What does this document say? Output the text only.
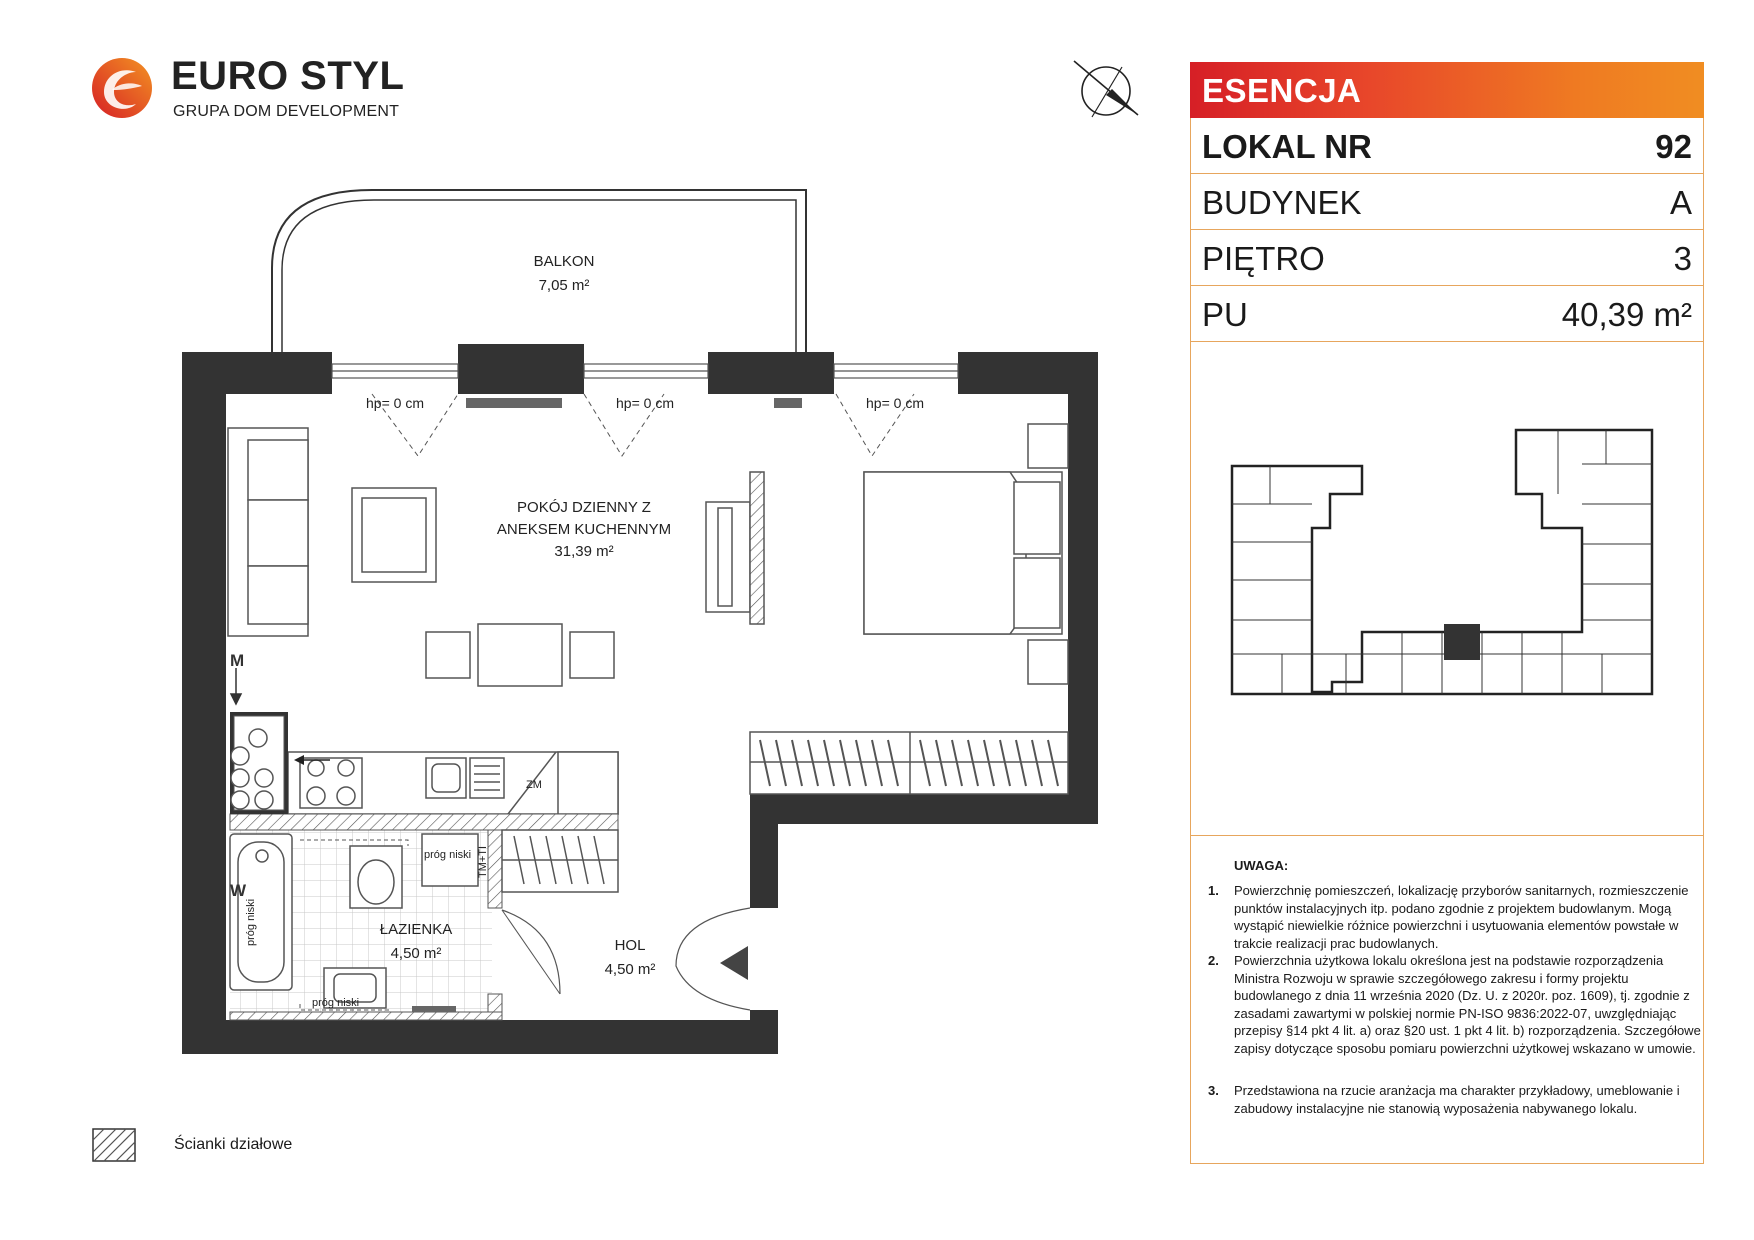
EURO STYL
GRUPA DOM DEVELOPMENT
BALKON
7,05 m²
POKÓJ DZIENNY Z
ANEKSEM KUCHENNYM
31,39 m²
ŁAZIENKA
4,50 m²	HOL
4,50 m²
hp= 0 cm	hp= 0 cm	hp= 0 cm
próg niski
próg niski
próg niski
TM+TI
ZM
M
W
ESENCJA
LOKAL NR	92
BUDYNEK	A
PIĘTRO	3
PU	40,39 m²
UWAGA:
1. Powierzchnię pomieszczeń, lokalizację przyborów sanitarnych, rozmieszczenie punktów instalacyjnych itp. podano zgodnie z projektem budowlanym. Mogą wystąpić niewielkie różnice powierzchni i usytuowania elementów powstałe w trakcie realizacji prac budowlanych.
2. Powierzchnia użytkowa lokalu określona jest na podstawie rozporządzenia Ministra Rozwoju w sprawie szczegółowego zakresu i formy projektu budowlanego z dnia 11 września 2020 (Dz. U. z 2020r. poz. 1609), tj. zgodnie z zasadami zawartymi w polskiej normie PN-ISO 9836:2022-07, uwzględniając przepisy §14 pkt 4 lit. a) oraz §20 ust. 1 pkt 4 lit. b) rozporządzenia. Szczegółowe zapisy dotyczące sposobu pomiaru powierzchni użytkowej wskazano w umowie.
3. Przedstawiona na rzucie aranżacja ma charakter przykładowy, umeblowanie i zabudowy instalacyjne nie stanowią wyposażenia nabywanego lokalu.
Ścianki działowe
